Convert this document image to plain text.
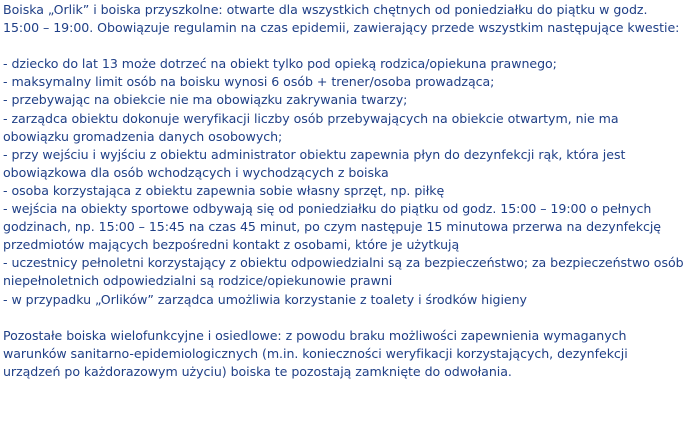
Boiska „Orlik” i boiska przyszkolne: otwarte dla wszystkich chętnych od poniedziałku do piątku w godz.
15:00 – 19:00. Obowiązuje regulamin na czas epidemii, zawierający przede wszystkim następujące kwestie:
- dziecko do lat 13 może dotrzeć na obiekt tylko pod opieką rodzica/opiekuna prawnego;
- maksymalny limit osób na boisku wynosi 6 osób + trener/osoba prowadząca;
- przebywając na obiekcie nie ma obowiązku zakrywania twarzy;
- zarządca obiektu dokonuje weryfikacji liczby osób przebywających na obiekcie otwartym, nie ma
obowiązku gromadzenia danych osobowych;
- przy wejściu i wyjściu z obiektu administrator obiektu zapewnia płyn do dezynfekcji rąk, która jest
obowiązkowa dla osób wchodzących i wychodzących z boiska
- osoba korzystająca z obiektu zapewnia sobie własny sprzęt, np. piłkę
- wejścia na obiekty sportowe odbywają się od poniedziałku do piątku od godz. 15:00 – 19:00 o pełnych
godzinach, np. 15:00 – 15:45 na czas 45 minut, po czym następuje 15 minutowa przerwa na dezynfekcję
przedmiotów mających bezpośredni kontakt z osobami, które je użytkują
- uczestnicy pełnoletni korzystający z obiektu odpowiedzialni są za bezpieczeństwo; za bezpieczeństwo osób
niepełnoletnich odpowiedzialni są rodzice/opiekunowie prawni
- w przypadku „Orlików” zarządca umożliwia korzystanie z toalety i środków higieny
Pozostałe boiska wielofunkcyjne i osiedlowe: z powodu braku możliwości zapewnienia wymaganych
warunków sanitarno-epidemiologicznych (m.in. konieczności weryfikacji korzystających, dezynfekcji
urządzeń po każdorazowym użyciu) boiska te pozostają zamknięte do odwołania.
